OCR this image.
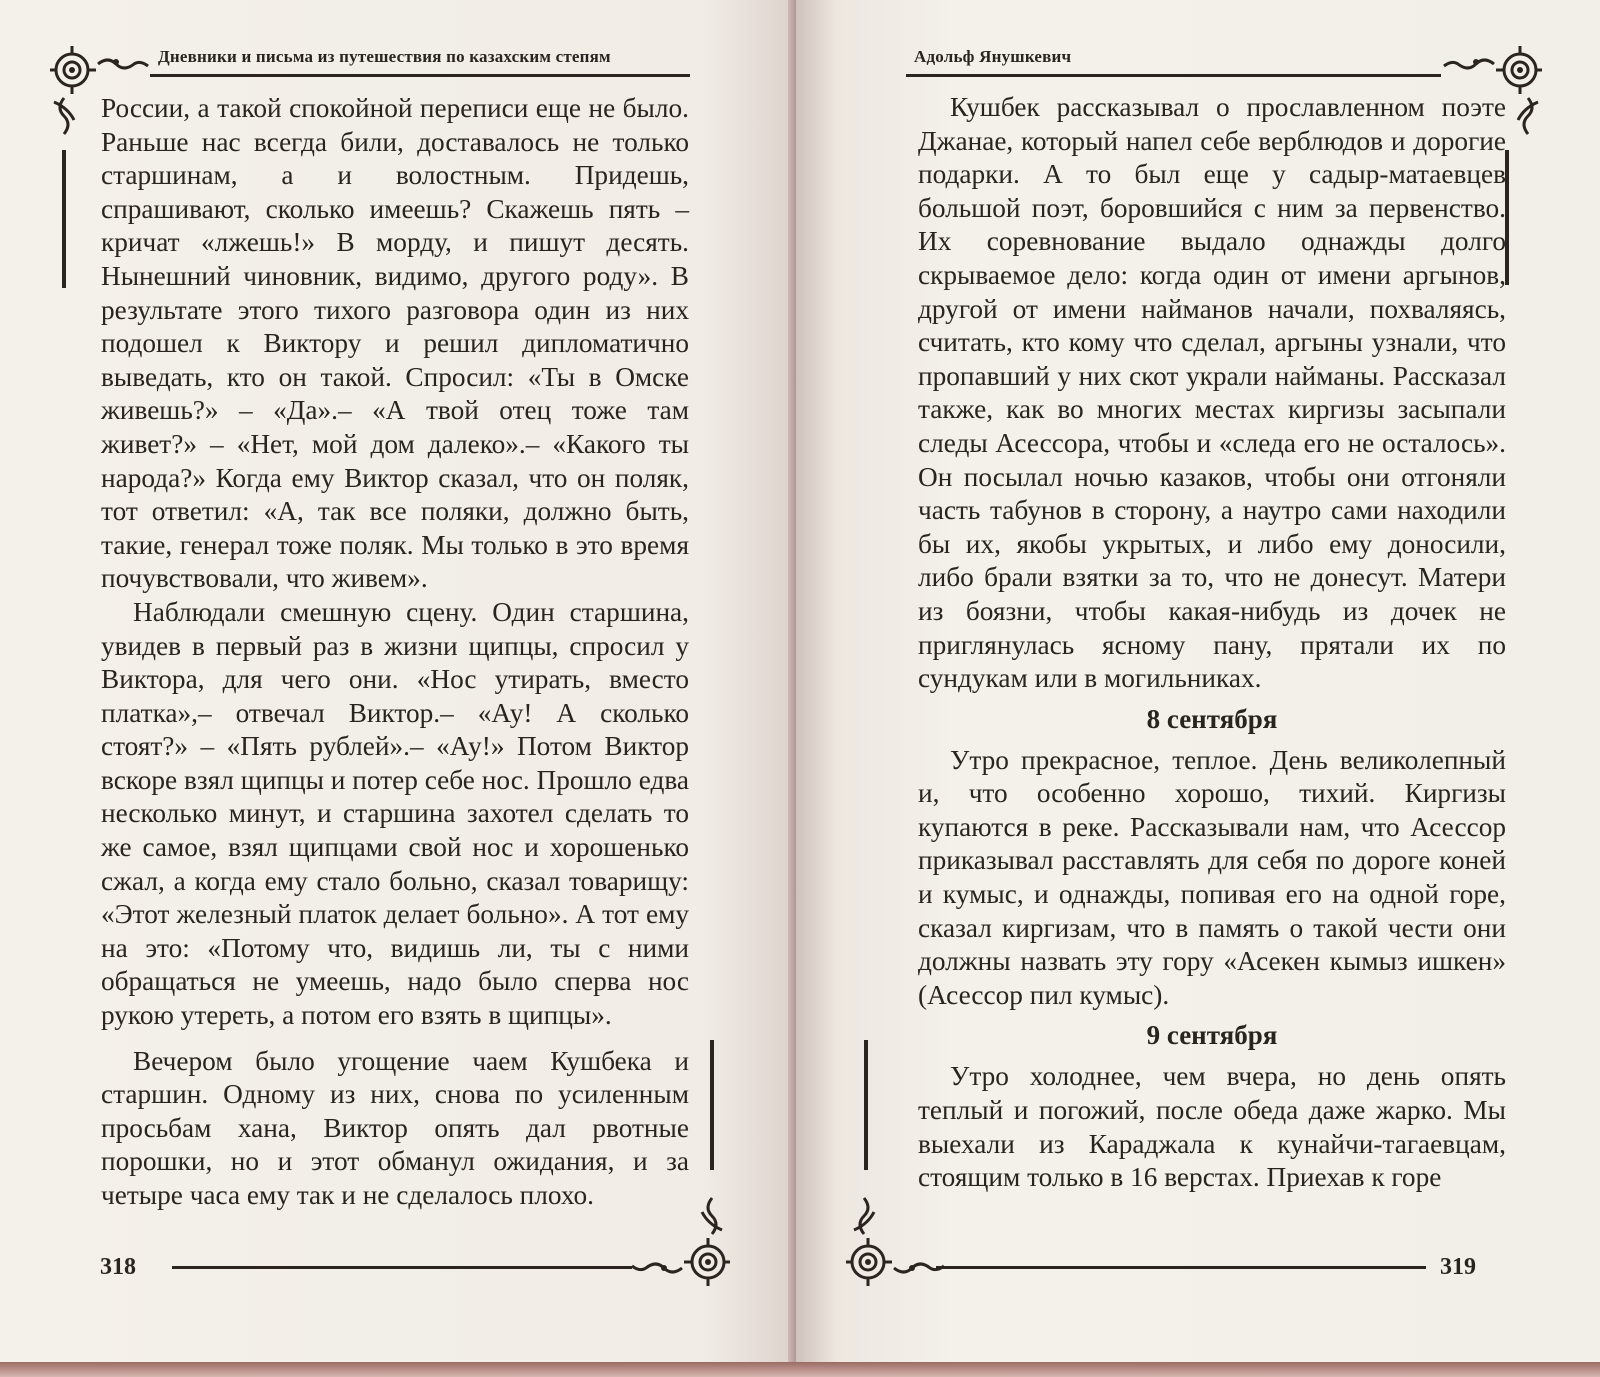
Дневники и письма из путешествия по казахским степям

России, а такой спокойной переписи еще не было. Раньше нас всегда били, доставалось не только старшинам, а и волостным. Придешь, спрашивают, сколько имеешь? Скажешь пять – кричат «лжешь!» В морду, и пишут десять. Нынешний чиновник, видимо, другого роду». В результате этого тихого разговора один из них подошел к Виктору и решил дипломатично выведать, кто он такой. Спросил: «Ты в Омске живешь?» – «Да».– «А твой отец тоже там живет?» – «Нет, мой дом далеко».– «Какого ты народа?» Когда ему Виктор сказал, что он поляк, тот ответил: «А, так все поляки, должно быть, такие, генерал тоже поляк. Мы только в это время почувствовали, что живем».

Наблюдали смешную сцену. Один старшина, увидев в первый раз в жизни щипцы, спросил у Виктора, для чего они. «Нос утирать, вместо платка»,– отвечал Виктор.– «Ау! А сколько стоят?» – «Пять рублей».– «Ау!» Потом Виктор вскоре взял щипцы и потер себе нос. Прошло едва несколько минут, и старшина захотел сделать то же самое, взял щипцами свой нос и хорошенько сжал, а когда ему стало больно, сказал товарищу: «Этот железный платок делает больно». А тот ему на это: «Потому что, видишь ли, ты с ними обращаться не умеешь, надо было сперва нос рукою утереть, а потом его взять в щипцы».

Вечером было угощение чаем Кушбека и старшин. Одному из них, снова по усиленным просьбам хана, Виктор опять дал рвотные порошки, но и этот обманул ожидания, и за четыре часа ему так и не сделалось плохо.

318
Адольф Янушкевич

Кушбек рассказывал о прославленном поэте Джанае, который напел себе верблюдов и дорогие подарки. А то был еще у садыр-матаевцев большой поэт, боровшийся с ним за первенство. Их соревнование выдало однажды долго скрываемое дело: когда один от имени аргынов, другой от имени найманов начали, похваляясь, считать, кто кому что сделал, аргыны узнали, что пропавший у них скот украли найманы. Рассказал также, как во многих местах киргизы засыпали следы Асессора, чтобы и «следа его не осталось». Он посылал ночью казаков, чтобы они отгоняли часть табунов в сторону, а наутро сами находили бы их, якобы укрытых, и либо ему доносили, либо брали взятки за то, что не донесут. Матери из боязни, чтобы какая-нибудь из дочек не приглянулась ясному пану, прятали их по сундукам или в могильниках.

8 сентября

Утро прекрасное, теплое. День великолепный и, что особенно хорошо, тихий. Киргизы купаются в реке. Рассказывали нам, что Асессор приказывал расставлять для себя по дороге коней и кумыс, и однажды, попивая его на одной горе, сказал киргизам, что в память о такой чести они должны назвать эту гору «Асекен кымыз ишкен» (Асессор пил кумыс).

9 сентября

Утро холоднее, чем вчера, но день опять теплый и погожий, после обеда даже жарко. Мы выехали из Караджала к кунайчи-тагаевцам, стоящим только в 16 верстах. Приехав к горе

319
